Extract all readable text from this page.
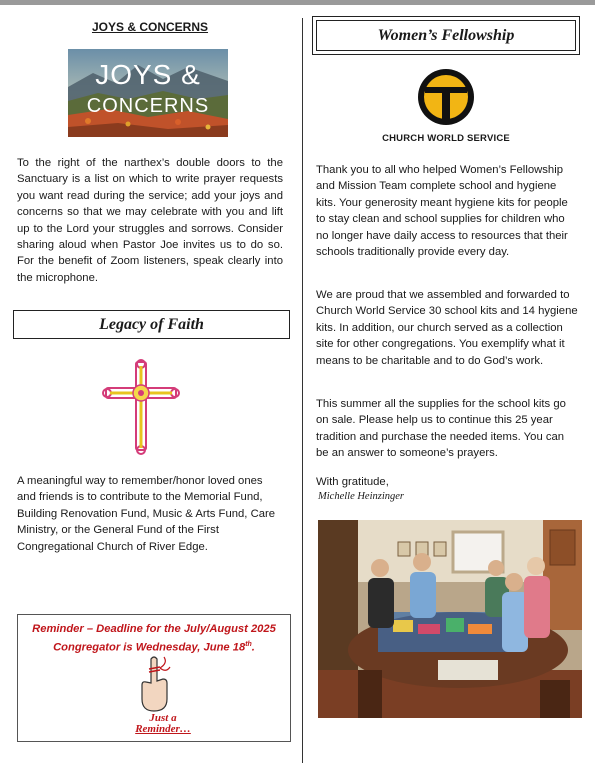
JOYS & CONCERNS
JOYS &
CONCERNS
To the right of the narthex’s double doors to the Sanctuary is a list on which to write prayer requests you want read during the service; add your joys and concerns so that we may celebrate with you and lift up to the Lord your struggles and sorrows. Consider sharing aloud when Pastor Joe invites us to do so. For the benefit of Zoom listeners, speak clearly into the microphone.
Legacy of Faith
A meaningful way to remember/honor loved ones and friends is to contribute to the Memorial Fund, Building Renovation Fund, Music & Arts Fund, Care Ministry, or the General Fund of the First Congregational Church of River Edge.
Reminder – Deadline for the July/August 2025
Congregator is Wednesday, June 18th.
Just a
Reminder…
Women’s Fellowship
CHURCH WORLD SERVICE
Thank you to all who helped Women’s Fellowship and Mission Team complete school and hygiene kits. Your generosity meant hygiene kits for people to stay clean and school supplies for children who no longer have daily access to resources that their schools traditionally provide every day.
We are proud that we assembled and forwarded to Church World Service 30 school kits and 14 hygiene kits. In addition, our church served as a collection site for other congregations. You exemplify what it means to be charitable and to do God’s work.
This summer all the supplies for the school kits go on sale. Please help us to continue this 25 year tradition and purchase the needed items. You can be an answer to someone’s prayers.
With gratitude,
Michelle Heinzinger
